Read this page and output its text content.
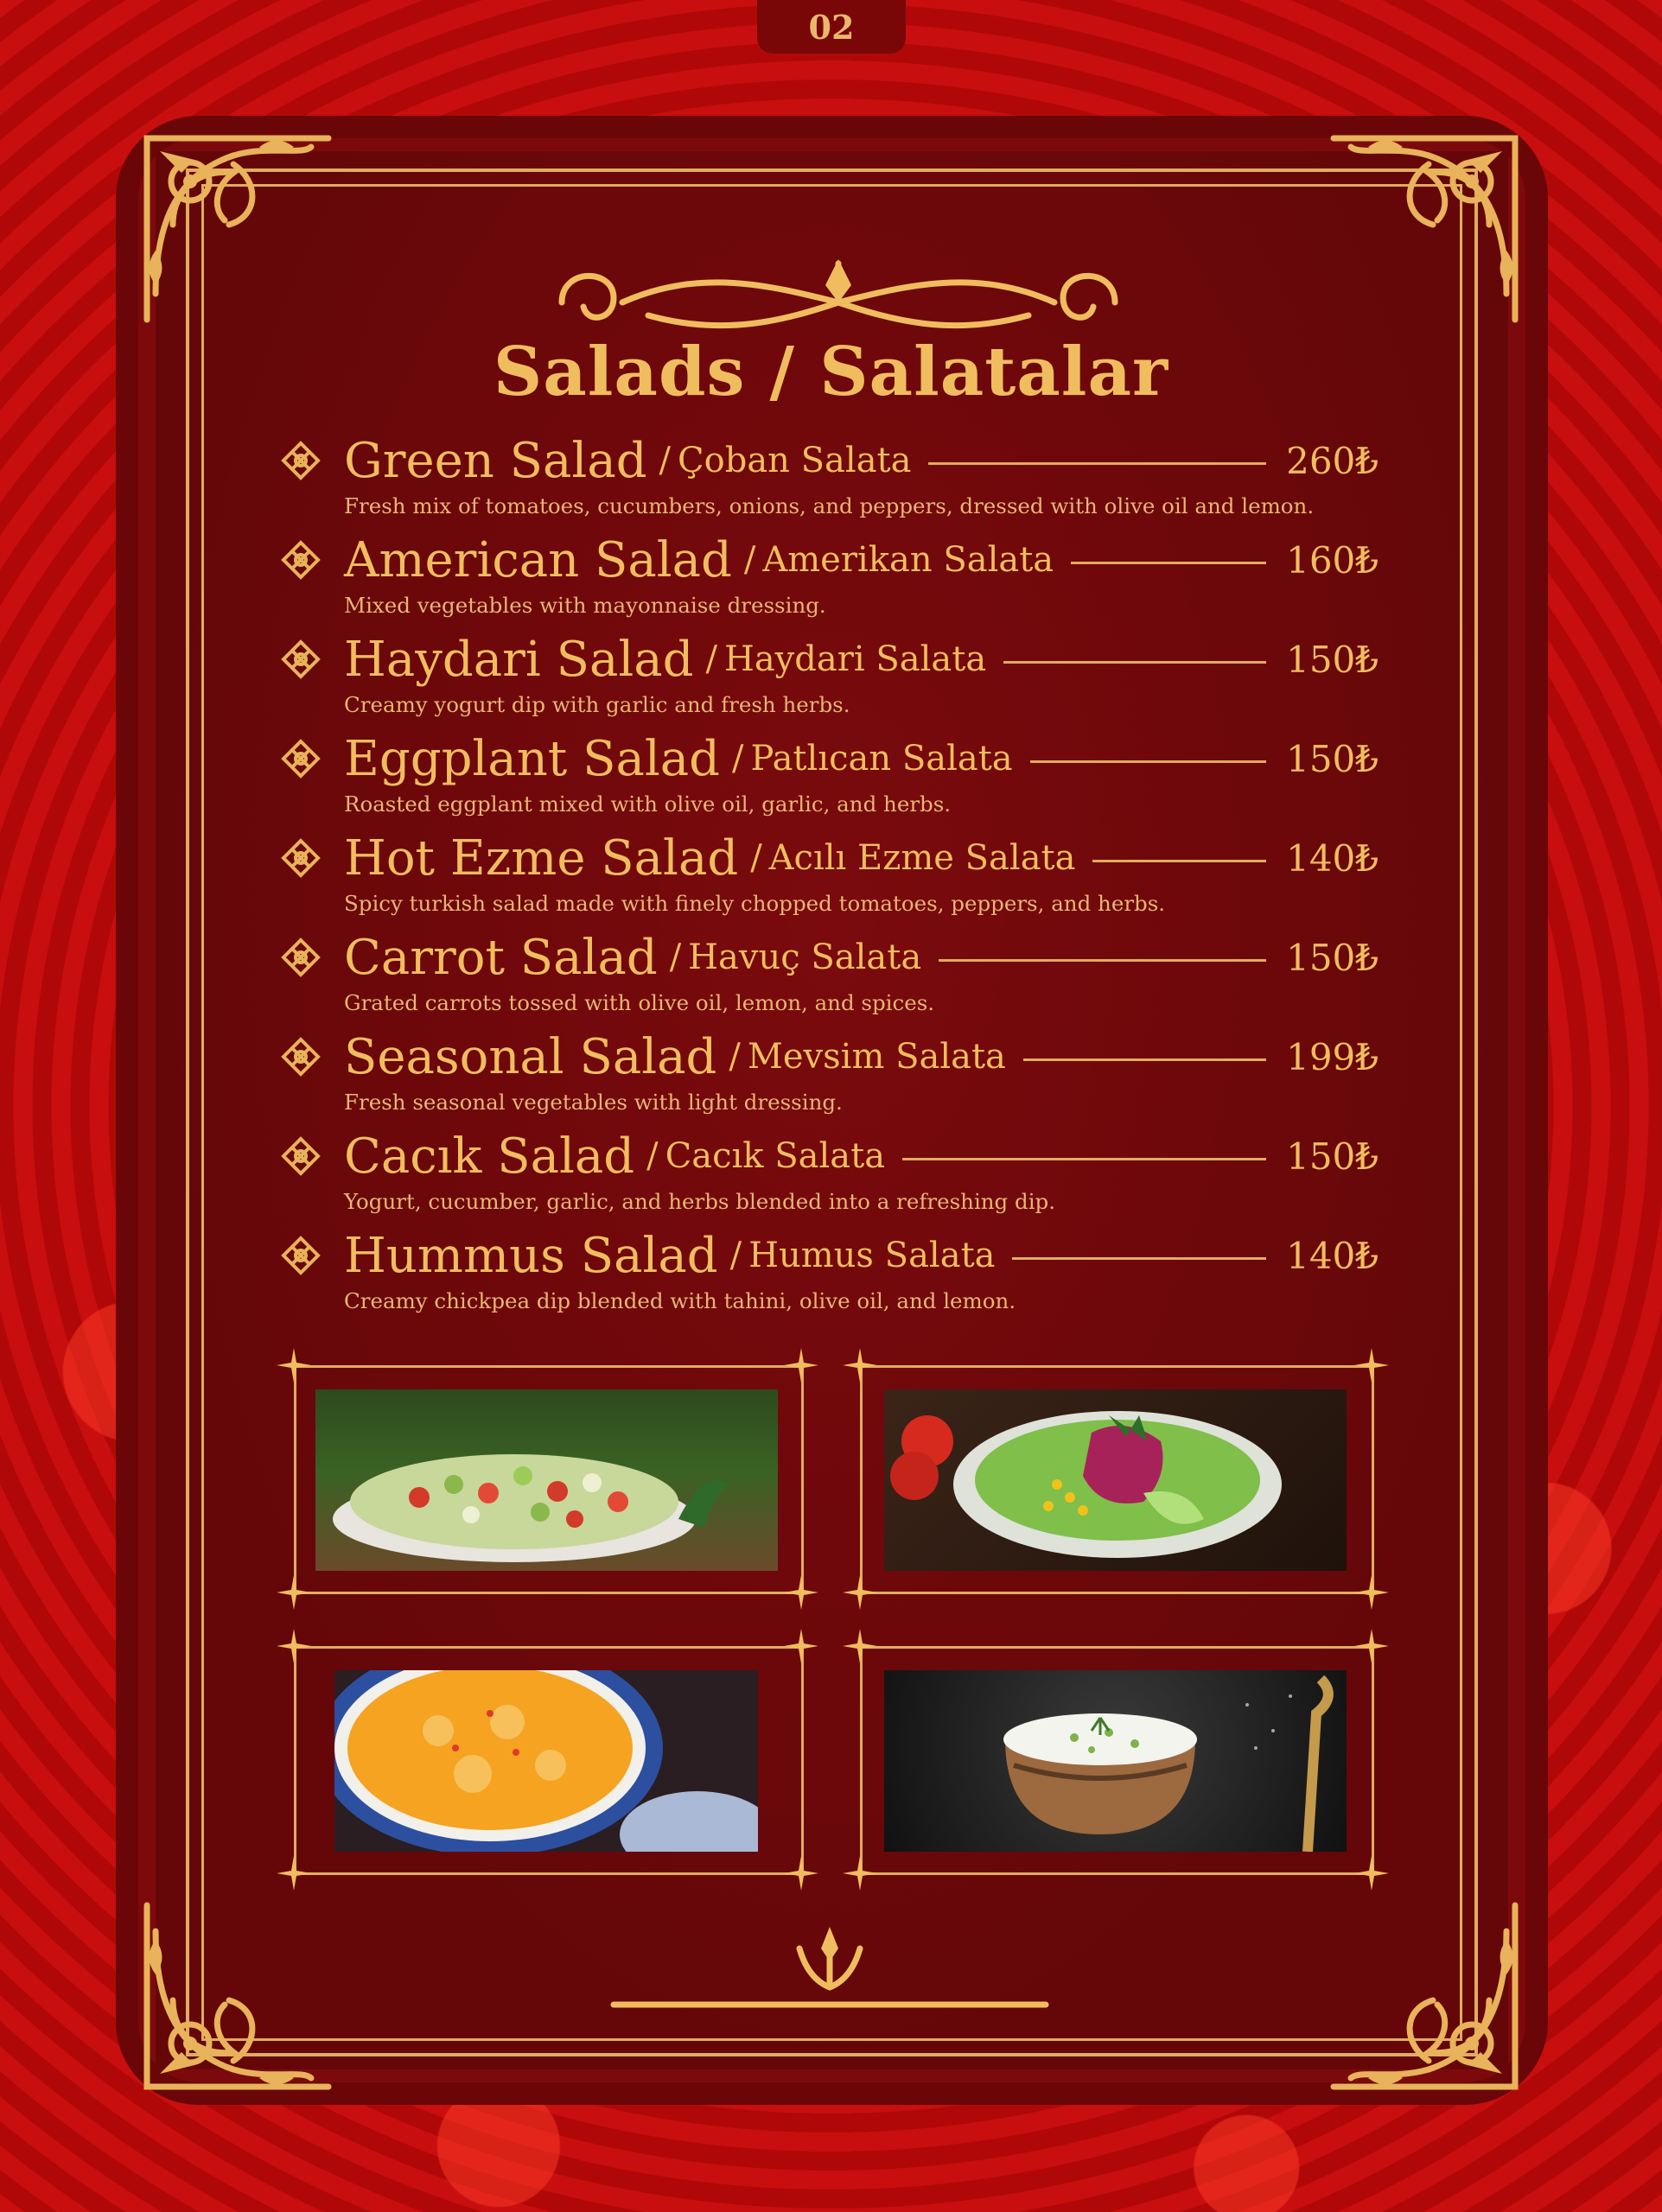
02
Salads / Salatalar
Green Salad / Çoban Salata	260₺
Fresh mix of tomatoes, cucumbers, onions, and peppers, dressed with olive oil and lemon.
American Salad / Amerikan Salata	160₺
Mixed vegetables with mayonnaise dressing.
Haydari Salad / Haydari Salata	150₺
Creamy yogurt dip with garlic and fresh herbs.
Eggplant Salad / Patlıcan Salata	150₺
Roasted eggplant mixed with olive oil, garlic, and herbs.
Hot Ezme Salad / Acılı Ezme Salata	140₺
Spicy turkish salad made with finely chopped tomatoes, peppers, and herbs.
Carrot Salad / Havuç Salata	150₺
Grated carrots tossed with olive oil, lemon, and spices.
Seasonal Salad / Mevsim Salata	199₺
Fresh seasonal vegetables with light dressing.
Cacık Salad / Cacık Salata	150₺
Yogurt, cucumber, garlic, and herbs blended into a refreshing dip.
Hummus Salad / Humus Salata	140₺
Creamy chickpea dip blended with tahini, olive oil, and lemon.
